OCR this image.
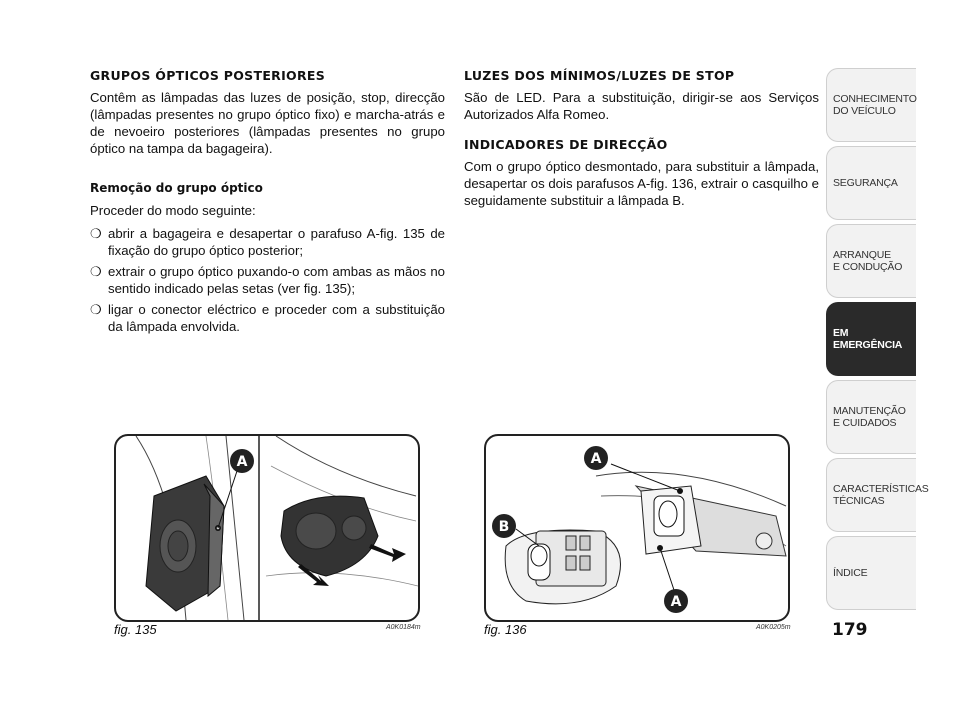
GRUPOS ÓPTICOS POSTERIORES

Contêm as lâmpadas das luzes de posição, stop, direcção (lâmpadas presentes no grupo óptico fixo) e marcha-atrás e de nevoeiro posteriores (lâmpadas presentes no grupo óptico na tampa da bagageira).

Remoção do grupo óptico

Proceder do modo seguinte:

❍ abrir a bagageira e desapertar o parafuso A-fig. 135 de fixação do grupo óptico posterior;
❍ extrair o grupo óptico puxando-o com ambas as mãos no sentido indicado pelas setas (ver fig. 135);
❍ ligar o conector eléctrico e proceder com a substituição da lâmpada envolvida.
LUZES DOS MÍNIMOS/LUZES DE STOP

São de LED. Para a substituição, dirigir-se aos Serviços Autorizados Alfa Romeo.

INDICADORES DE DIRECÇÃO

Com o grupo óptico desmontado, para substituir a lâmpada, desapertar os dois parafusos A-fig. 136, extrair o casquilho e seguidamente substituir a lâmpada B.

A
fig. 135	A0K0184m
A
A
B
fig. 136	A0K0205m
CONHECIMENTO
DO VEÍCULO
SEGURANÇA
ARRANQUE
E CONDUÇÃO
EM EMERGÊNCIA
MANUTENÇÃO
E CUIDADOS
CARACTERÍSTICAS
TÉCNICAS
ÍNDICE
179
